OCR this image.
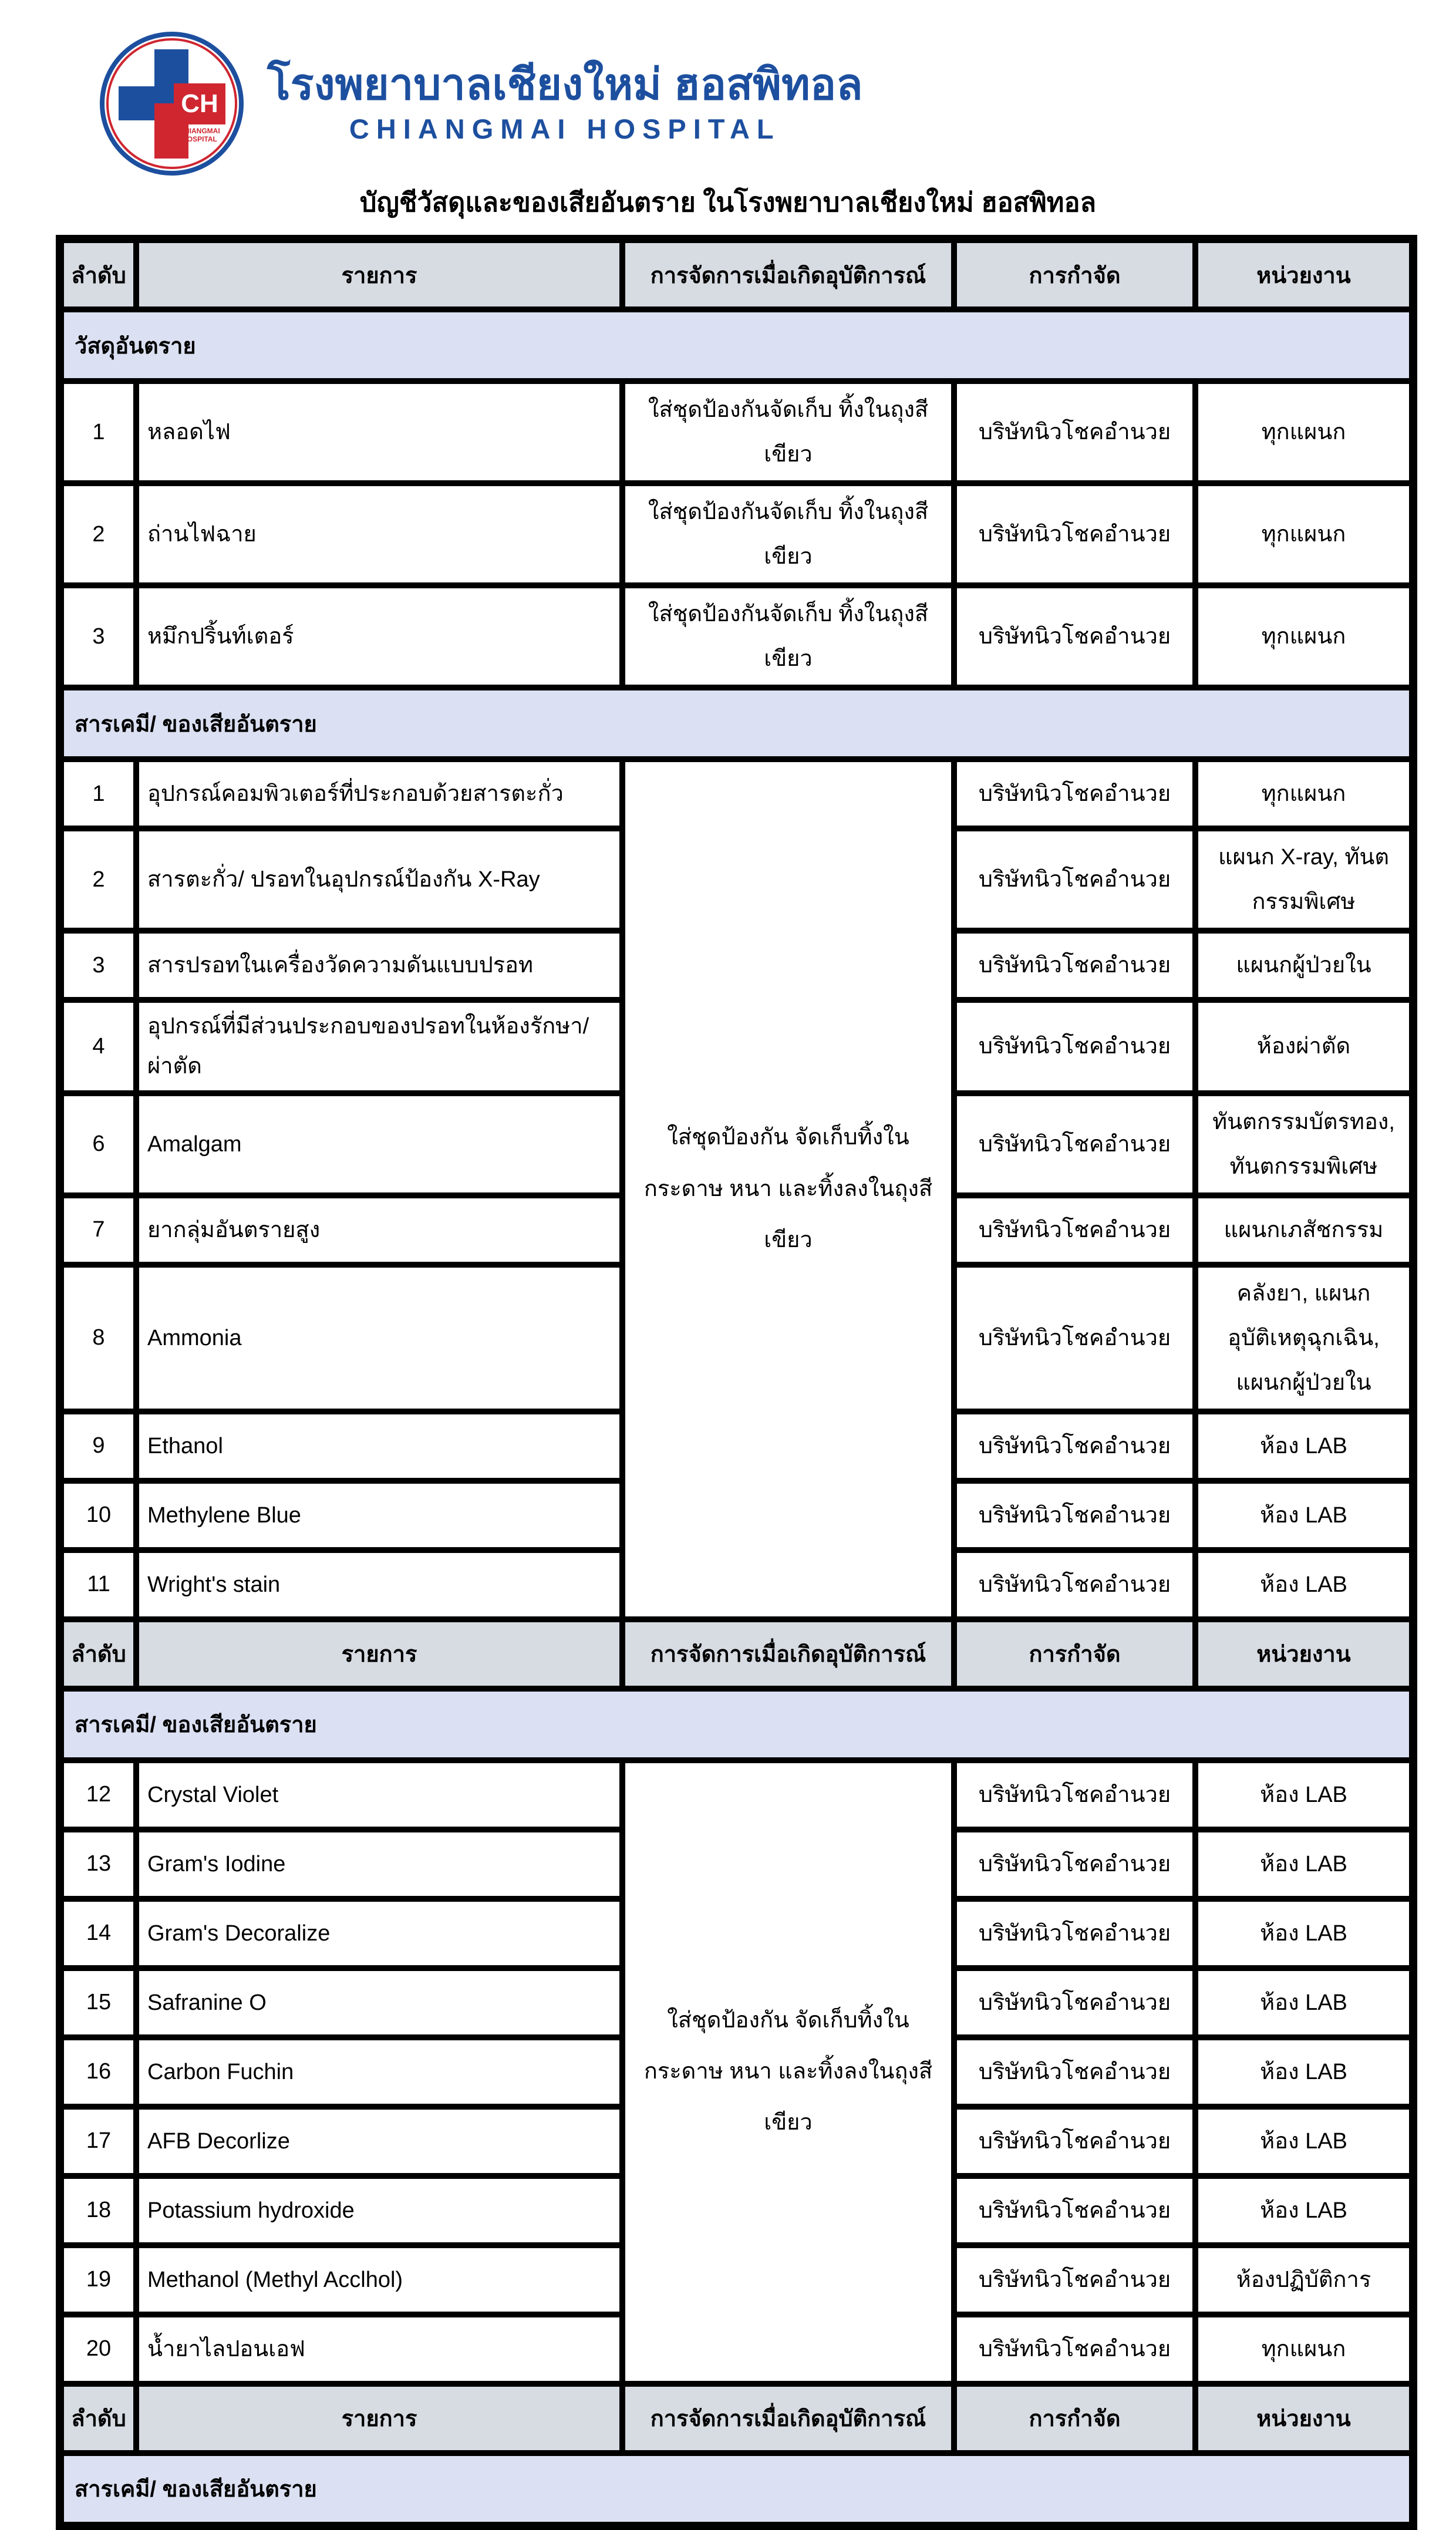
CH
CHIANGMAI
HOSPITAL
โรงพยาบาลเชียงใหม่ ฮอสพิทอล
CHIANGMAI HOSPITAL
บัญชีวัสดุและของเสียอันตราย ในโรงพยาบาลเชียงใหม่ ฮอสพิทอล
ลำดับ	รายการ	การจัดการเมื่อเกิดอุบัติการณ์	การกำจัด	หน่วยงาน
วัสดุอันตราย				
1	หลอดไฟ	ใส่ชุดป้องกันจัดเก็บ ทิ้งในถุงสีเขียว	บริษัทนิวโชคอำนวย	ทุกแผนก
2	ถ่านไฟฉาย	ใส่ชุดป้องกันจัดเก็บ ทิ้งในถุงสีเขียว	บริษัทนิวโชคอำนวย	ทุกแผนก
3	หมึกปริ้นท์เตอร์	ใส่ชุดป้องกันจัดเก็บ ทิ้งในถุงสีเขียว	บริษัทนิวโชคอำนวย	ทุกแผนก
สารเคมี/ ของเสียอันตราย				
1	อุปกรณ์คอมพิวเตอร์ที่ประกอบด้วยสารตะกั่ว	ใส่ชุดป้องกัน จัดเก็บทิ้งในกระดาษ หนา และทิ้งลงในถุงสีเขียว	บริษัทนิวโชคอำนวย	ทุกแผนก
2	สารตะกั่ว/ ปรอทในอุปกรณ์ป้องกัน X-Ray		บริษัทนิวโชคอำนวย	แผนก X-ray, ทันตกรรมพิเศษ
3	สารปรอทในเครื่องวัดความดันแบบปรอท		บริษัทนิวโชคอำนวย	แผนกผู้ป่วยใน
4	อุปกรณ์ที่มีส่วนประกอบของปรอทในห้องรักษา/ ผ่าตัด		บริษัทนิวโชคอำนวย	ห้องผ่าตัด
6	Amalgam		บริษัทนิวโชคอำนวย	ทันตกรรมบัตรทอง, ทันตกรรมพิเศษ
7	ยากลุ่มอันตรายสูง		บริษัทนิวโชคอำนวย	แผนกเภสัชกรรม
8	Ammonia		บริษัทนิวโชคอำนวย	คลังยา, แผนกอุบัติเหตุฉุกเฉิน, แผนกผู้ป่วยใน
9	Ethanol		บริษัทนิวโชคอำนวย	ห้อง LAB
10	Methylene Blue		บริษัทนิวโชคอำนวย	ห้อง LAB
11	Wright's stain		บริษัทนิวโชคอำนวย	ห้อง LAB
ลำดับ	รายการ	การจัดการเมื่อเกิดอุบัติการณ์	การกำจัด	หน่วยงาน
สารเคมี/ ของเสียอันตราย				
12	Crystal Violet	ใส่ชุดป้องกัน จัดเก็บทิ้งในกระดาษ หนา และทิ้งลงในถุงสีเขียว	บริษัทนิวโชคอำนวย	ห้อง LAB
13	Gram's Iodine		บริษัทนิวโชคอำนวย	ห้อง LAB
14	Gram's Decoralize		บริษัทนิวโชคอำนวย	ห้อง LAB
15	Safranine O		บริษัทนิวโชคอำนวย	ห้อง LAB
16	Carbon Fuchin		บริษัทนิวโชคอำนวย	ห้อง LAB
17	AFB Decorlize		บริษัทนิวโชคอำนวย	ห้อง LAB
18	Potassium hydroxide		บริษัทนิวโชคอำนวย	ห้อง LAB
19	Methanol (Methyl Acclhol)		บริษัทนิวโชคอำนวย	ห้องปฏิบัติการ
20	น้ำยาไลปอนเอฟ		บริษัทนิวโชคอำนวย	ทุกแผนก
ลำดับ	รายการ	การจัดการเมื่อเกิดอุบัติการณ์	การกำจัด	หน่วยงาน
สารเคมี/ ของเสียอันตราย				
